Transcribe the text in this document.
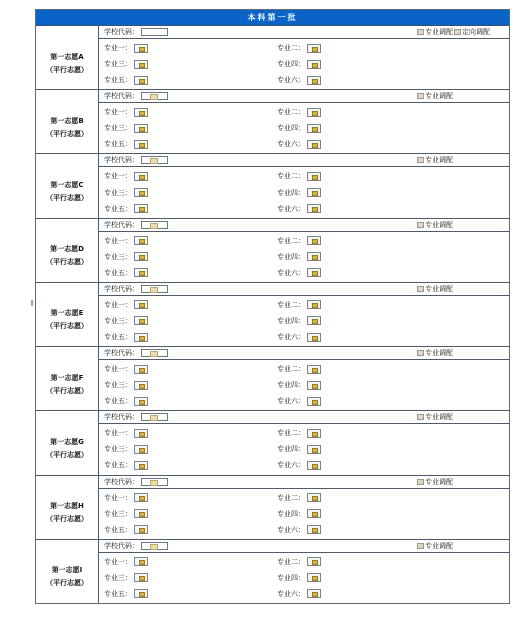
本科第一批
第一志愿A
（平行志愿）
学校代码：	专业调配 定向调配
专业一：	专业二：
专业三：	专业四：
专业五：	专业六：
第一志愿B
（平行志愿）
学校代码：	专业调配
专业一：	专业二：
专业三：	专业四：
专业五：	专业六：
第一志愿C
（平行志愿）
学校代码：	专业调配
专业一：	专业二：
专业三：	专业四：
专业五：	专业六：
第一志愿D
（平行志愿）
学校代码：	专业调配
专业一：	专业二：
专业三：	专业四：
专业五：	专业六：
第一志愿E
（平行志愿）
学校代码：	专业调配
专业一：	专业二：
专业三：	专业四：
专业五：	专业六：
第一志愿F
（平行志愿）
学校代码：	专业调配
专业一：	专业二：
专业三：	专业四：
专业五：	专业六：
第一志愿G
（平行志愿）
学校代码：	专业调配
专业一：	专业二：
专业三：	专业四：
专业五：	专业六：
第一志愿H
（平行志愿）
学校代码：	专业调配
专业一：	专业二：
专业三：	专业四：
专业五：	专业六：
第一志愿I
（平行志愿）
学校代码：	专业调配
专业一：	专业二：
专业三：	专业四：
专业五：	专业六：
